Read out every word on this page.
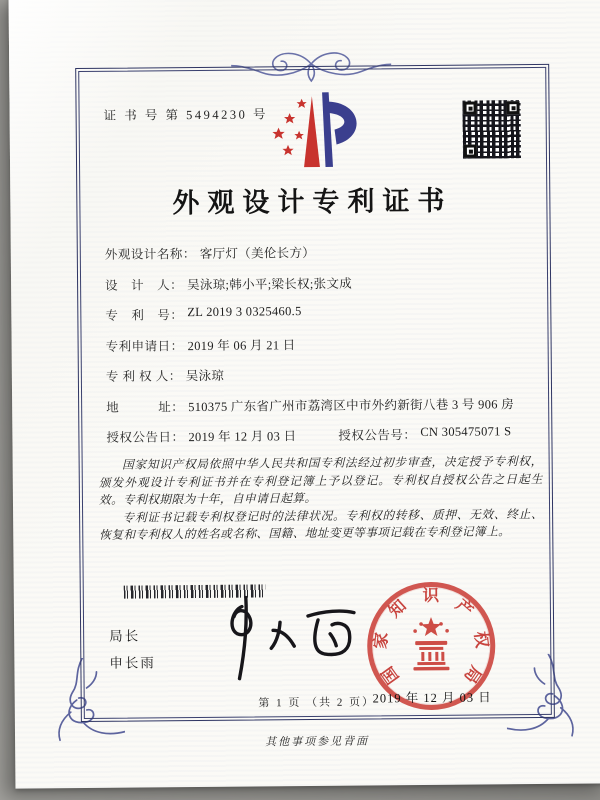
证 书 号 第 5494230 号
外观设计专利证书
外观设计名称： 客厅灯（美伦长方）
设　计　人： 吴泳琼;韩小平;梁长权;张文成
专　利　号： ZL 2019 3 0325460.5
专利申请日： 2019 年 06 月 21 日
专 利 权 人： 吴泳琼
地　　　址： 510375 广东省广州市荔湾区中市外约新街八巷 3 号 906 房
授权公告日： 2019 年 12 月 03 日	授权公告号： CN 305475071 S

国家知识产权局依照中华人民共和国专利法经过初步审查，决定授予专利权，颁发外观设计专利证书并在专利登记簿上予以登记。专利权自授权公告之日起生效。专利权期限为十年，自申请日起算。

专利证书记载专利权登记时的法律状况。专利权的转移、质押、无效、终止、恢复和专利权人的姓名或名称、国籍、地址变更等事项记载在专利登记簿上。

局长
申长雨	国
家
知
识 产
权
局
2019 年 12 月 03 日
第 1 页 （共 2 页）
其他事项参见背面
